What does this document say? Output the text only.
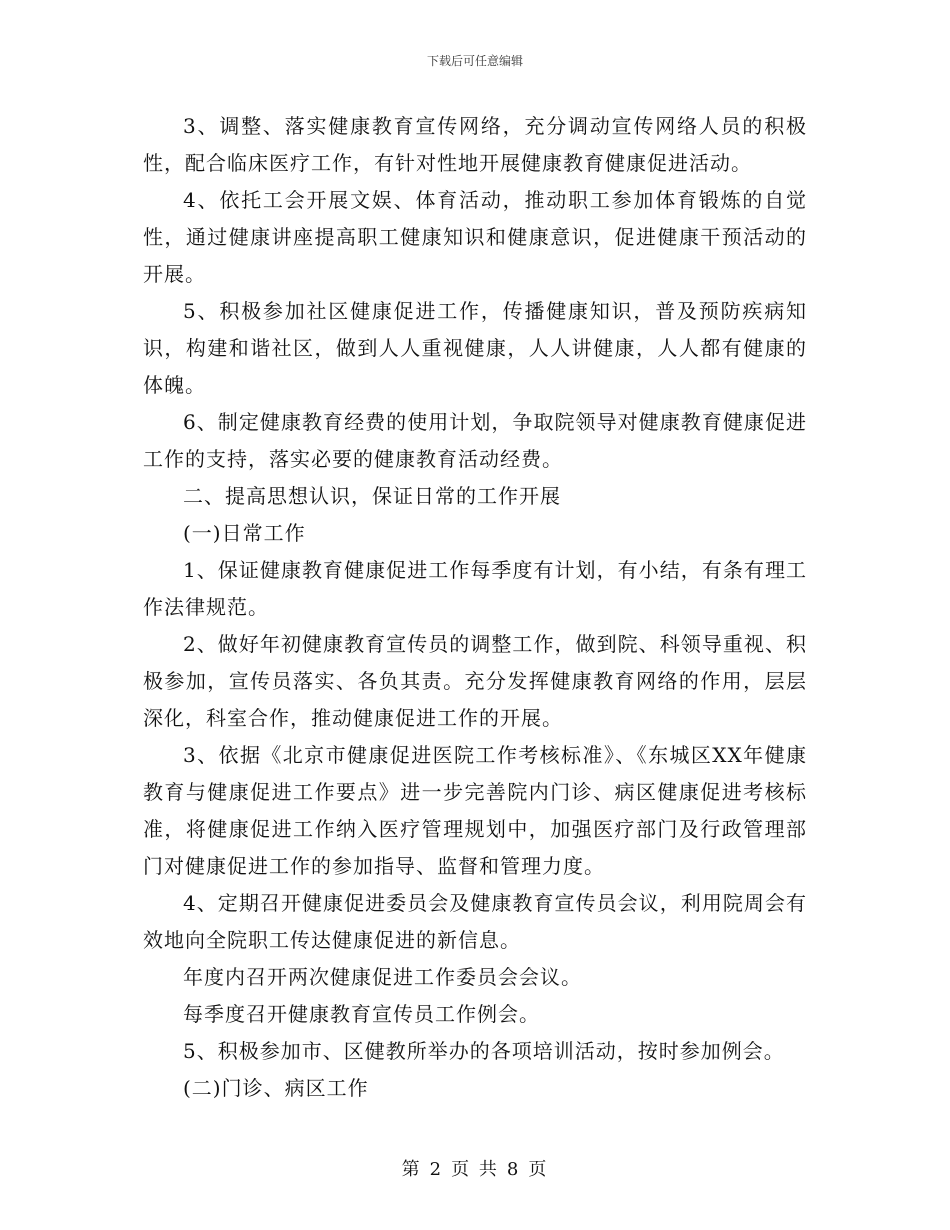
下载后可任意编辑

3、调整、落实健康教育宣传网络，充分调动宣传网络人员的积极性，配合临床医疗工作，有针对性地开展健康教育健康促进活动。

4、依托工会开展文娱、体育活动，推动职工参加体育锻炼的自觉性，通过健康讲座提高职工健康知识和健康意识，促进健康干预活动的开展。

5、积极参加社区健康促进工作，传播健康知识，普及预防疾病知识，构建和谐社区，做到人人重视健康，人人讲健康，人人都有健康的体魄。

6、制定健康教育经费的使用计划，争取院领导对健康教育健康促进工作的支持，落实必要的健康教育活动经费。

二、提高思想认识，保证日常的工作开展

(一)日常工作

1、保证健康教育健康促进工作每季度有计划，有小结，有条有理工作法律规范。

2、做好年初健康教育宣传员的调整工作，做到院、科领导重视、积极参加，宣传员落实、各负其责。充分发挥健康教育网络的作用，层层深化，科室合作，推动健康促进工作的开展。

3、依据《北京市健康促进医院工作考核标准》、《东城区XX年健康教育与健康促进工作要点》进一步完善院内门诊、病区健康促进考核标准，将健康促进工作纳入医疗管理规划中，加强医疗部门及行政管理部门对健康促进工作的参加指导、监督和管理力度。

4、定期召开健康促进委员会及健康教育宣传员会议，利用院周会有效地向全院职工传达健康促进的新信息。

年度内召开两次健康促进工作委员会会议。

每季度召开健康教育宣传员工作例会。

5、积极参加市、区健教所举办的各项培训活动，按时参加例会。

(二)门诊、病区工作

第 2 页 共 8 页
